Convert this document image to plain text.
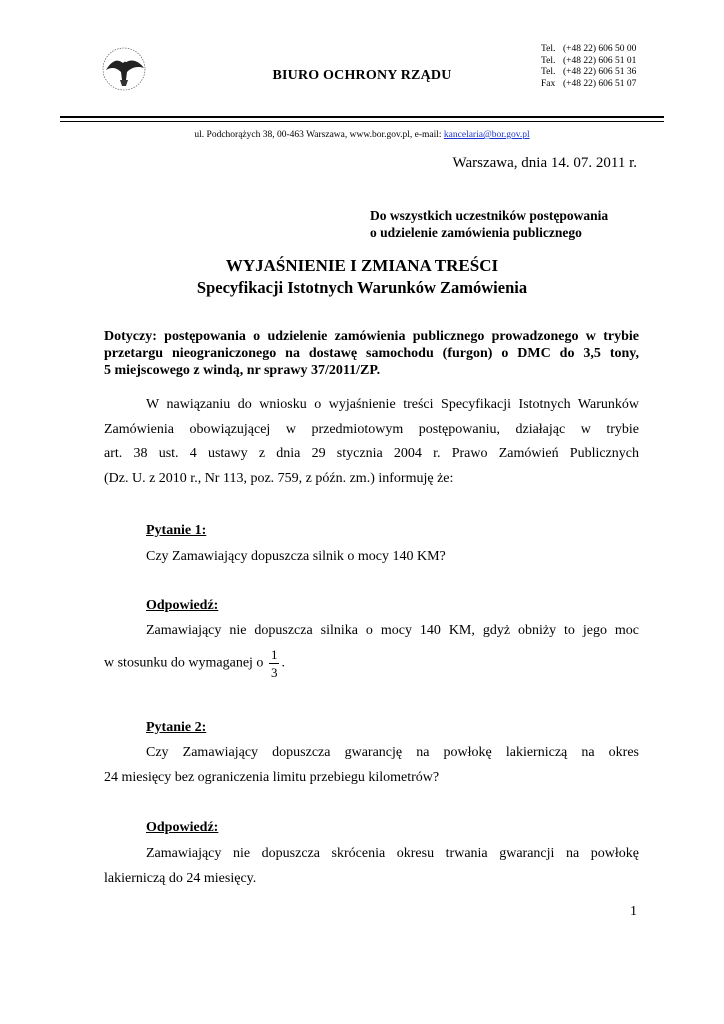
BIURO OCHRONY RZĄDU
Tel. (+48 22) 606 50 00
Tel. (+48 22) 606 51 01
Tel. (+48 22) 606 51 36
Fax (+48 22) 606 51 07
ul. Podchorążych 38, 00-463 Warszawa, www.bor.gov.pl, e-mail: kancelaria@bor.gov.pl
Warszawa, dnia 14. 07. 2011 r.
Do wszystkich uczestników postępowania
o udzielenie zamówienia publicznego
WYJAŚNIENIE I ZMIANA TREŚCI
Specyfikacji Istotnych Warunków Zamówienia
Dotyczy: postępowania o udzielenie zamówienia publicznego prowadzonego w trybie
przetargu nieograniczonego na dostawę samochodu (furgon) o DMC do 3,5 tony,
5 miejscowego z windą, nr sprawy 37/2011/ZP.
W nawiązaniu do wniosku o wyjaśnienie treści Specyfikacji Istotnych Warunków
Zamówienia obowiązującej w przedmiotowym postępowaniu, działając w trybie
art. 38 ust. 4 ustawy z dnia 29 stycznia 2004 r. Prawo Zamówień Publicznych
(Dz. U. z 2010 r., Nr 113, poz. 759, z późn. zm.) informuję że:
Pytanie 1:
Czy Zamawiający dopuszcza silnik o mocy 140 KM?
Odpowiedź:
Zamawiający nie dopuszcza silnika o mocy 140 KM, gdyż obniży to jego moc
w stosunku do wymaganej o $\frac{1}{3}$ .
Pytanie 2:
Czy Zamawiający dopuszcza gwarancję na powłokę lakierniczą na okres
24 miesięcy bez ograniczenia limitu przebiegu kilometrów?
Odpowiedź:
Zamawiający nie dopuszcza skrócenia okresu trwania gwarancji na powłokę
lakierniczą do 24 miesięcy.
1
